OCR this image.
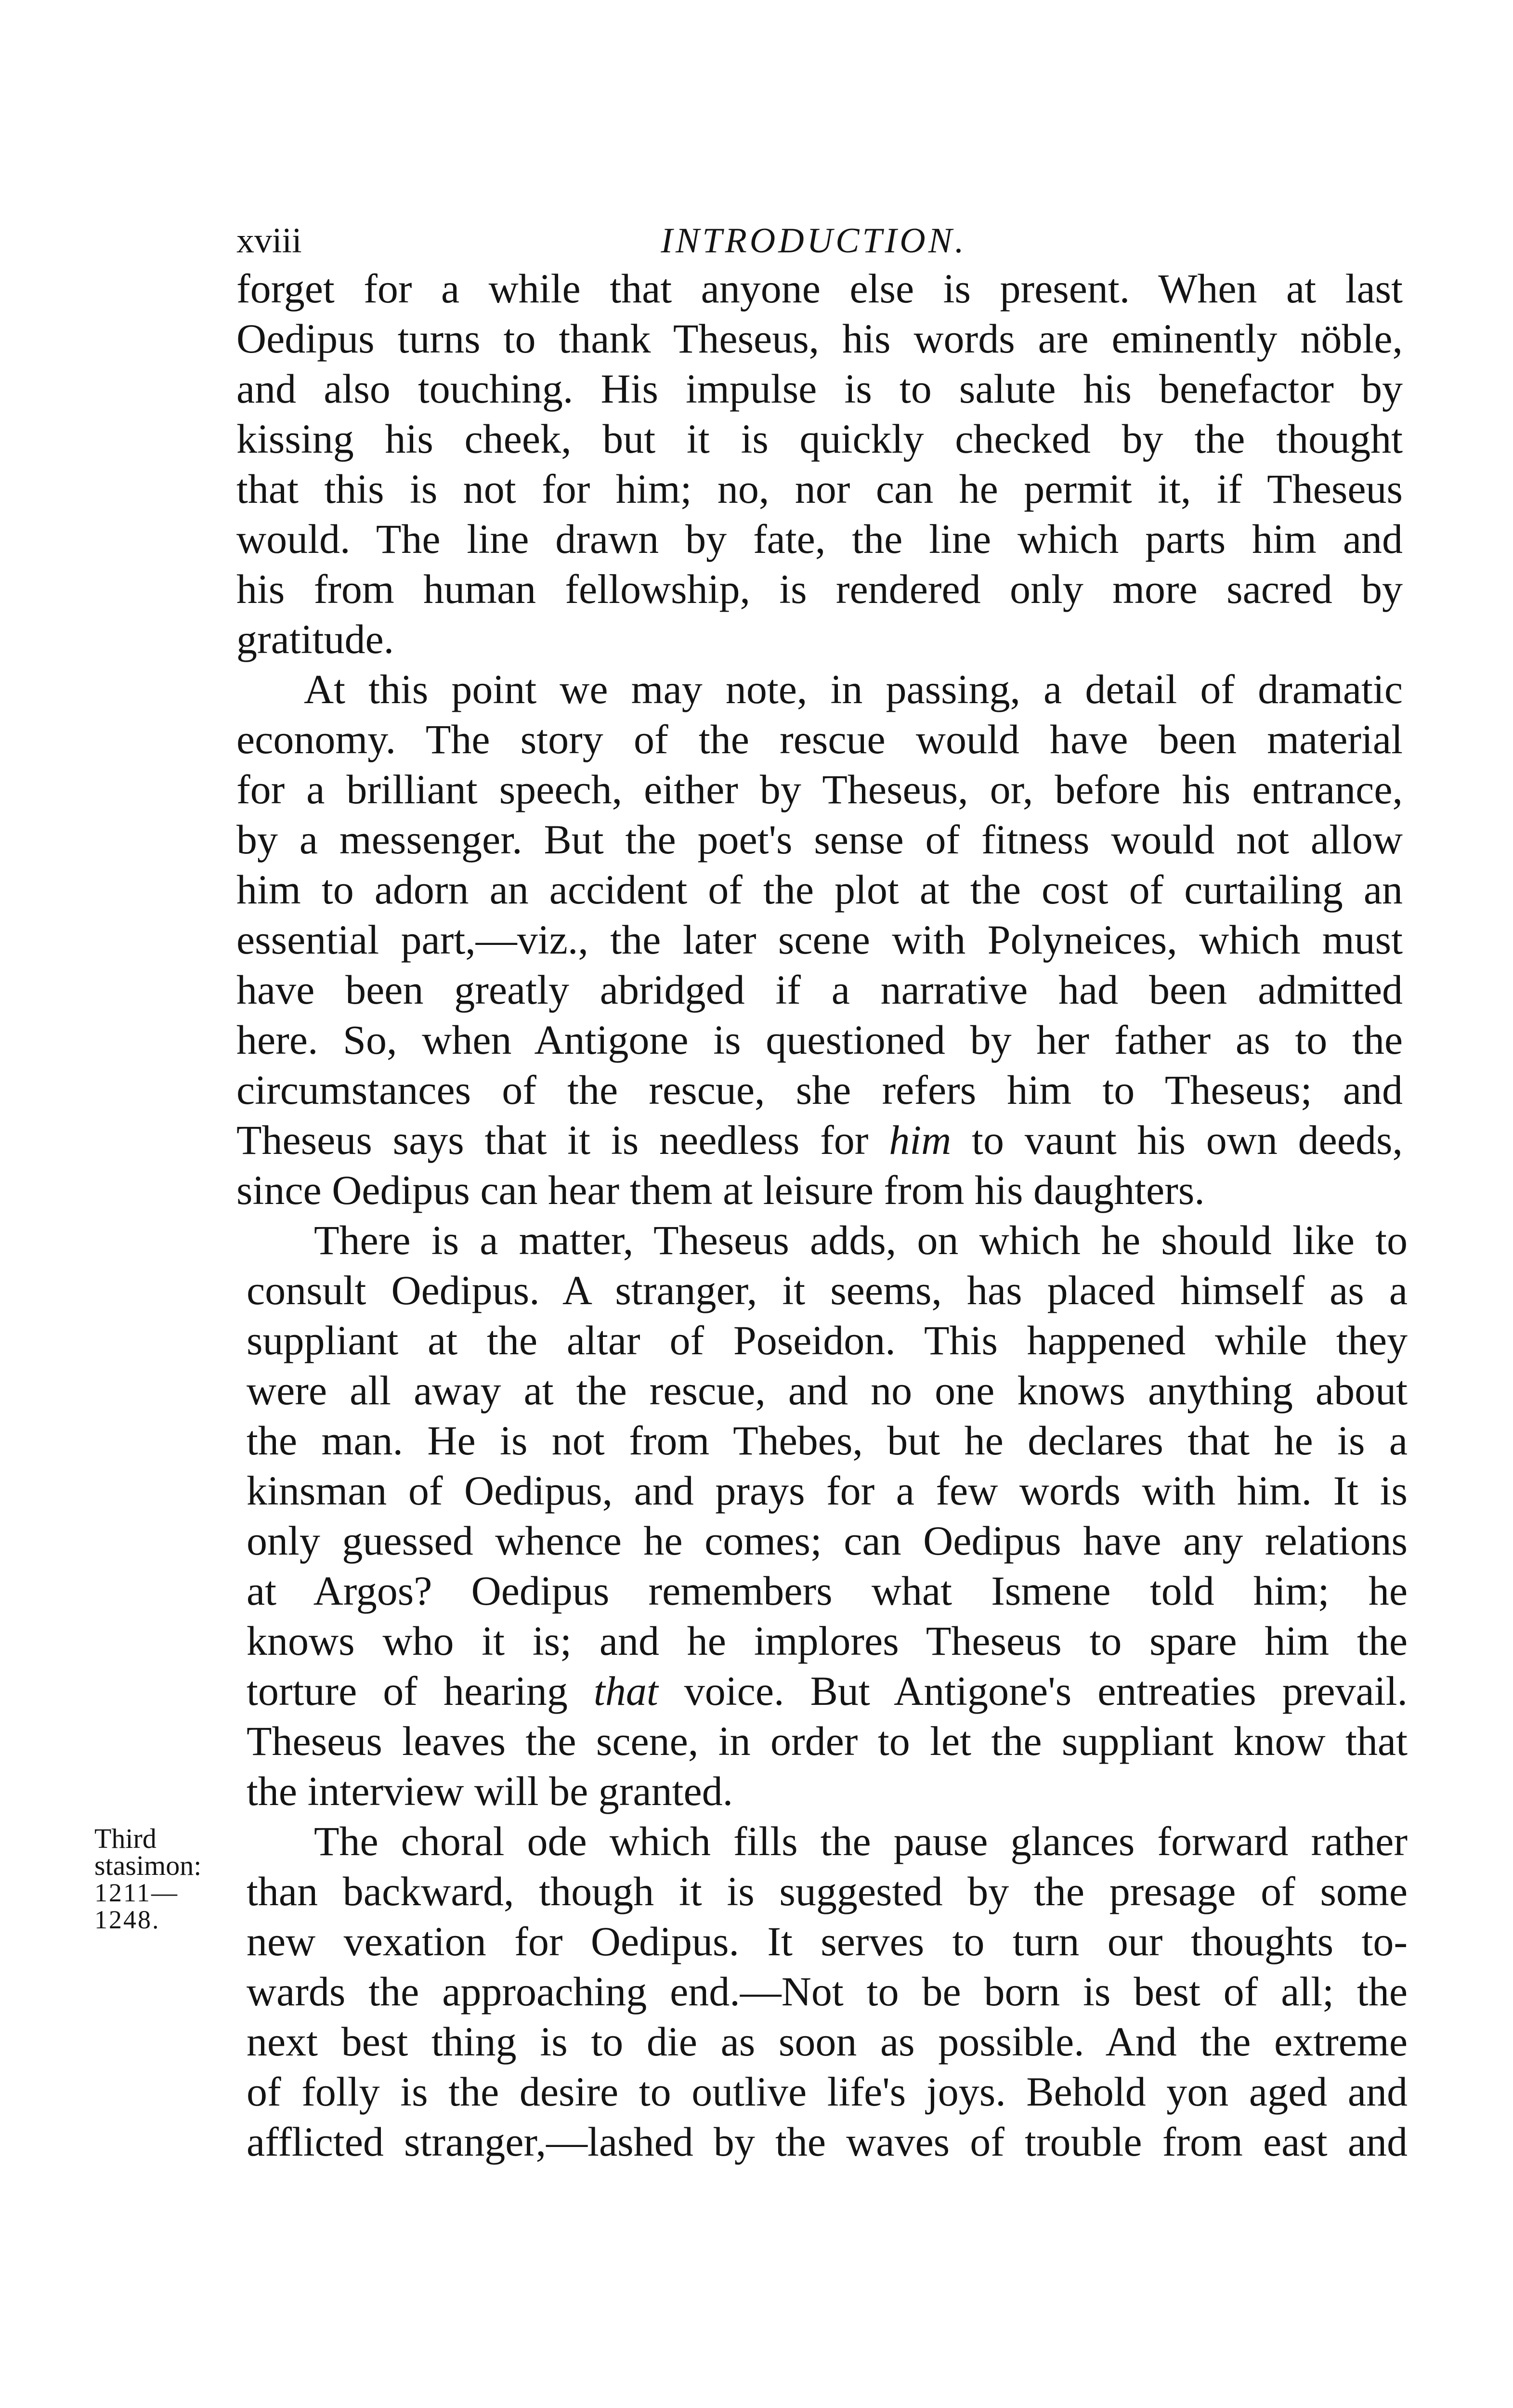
xviii	INTRODUCTION.
forget for a while that anyone else is present. When at last
Oedipus turns to thank Theseus, his words are eminently nöble,
and also touching. His impulse is to salute his benefactor by
kissing his cheek, but it is quickly checked by the thought
that this is not for him; no, nor can he permit it, if Theseus
would. The line drawn by fate, the line which parts him and
his from human fellowship, is rendered only more sacred by
gratitude.
At this point we may note, in passing, a detail of dramatic
economy. The story of the rescue would have been material
for a brilliant speech, either by Theseus, or, before his entrance,
by a messenger. But the poet's sense of fitness would not allow
him to adorn an accident of the plot at the cost of curtailing an
essential part,—viz., the later scene with Polyneices, which must
have been greatly abridged if a narrative had been admitted
here. So, when Antigone is questioned by her father as to the
circumstances of the rescue, she refers him to Theseus; and
Theseus says that it is needless for him to vaunt his own deeds,
since Oedipus can hear them at leisure from his daughters.
There is a matter, Theseus adds, on which he should like to
consult Oedipus. A stranger, it seems, has placed himself as a
suppliant at the altar of Poseidon. This happened while they
were all away at the rescue, and no one knows anything about
the man. He is not from Thebes, but he declares that he is a
kinsman of Oedipus, and prays for a few words with him. It is
only guessed whence he comes; can Oedipus have any relations
at Argos? Oedipus remembers what Ismene told him; he
knows who it is; and he implores Theseus to spare him the
torture of hearing that voice. But Antigone's entreaties prevail.
Theseus leaves the scene, in order to let the suppliant know that
the interview will be granted.
The choral ode which fills the pause glances forward rather
than backward, though it is suggested by the presage of some
new vexation for Oedipus. It serves to turn our thoughts to-
wards the approaching end.—Not to be born is best of all; the
next best thing is to die as soon as possible. And the extreme
of folly is the desire to outlive life's joys. Behold yon aged and
afflicted stranger,—lashed by the waves of trouble from east and
Third
stasimon:
1211—
1248.
